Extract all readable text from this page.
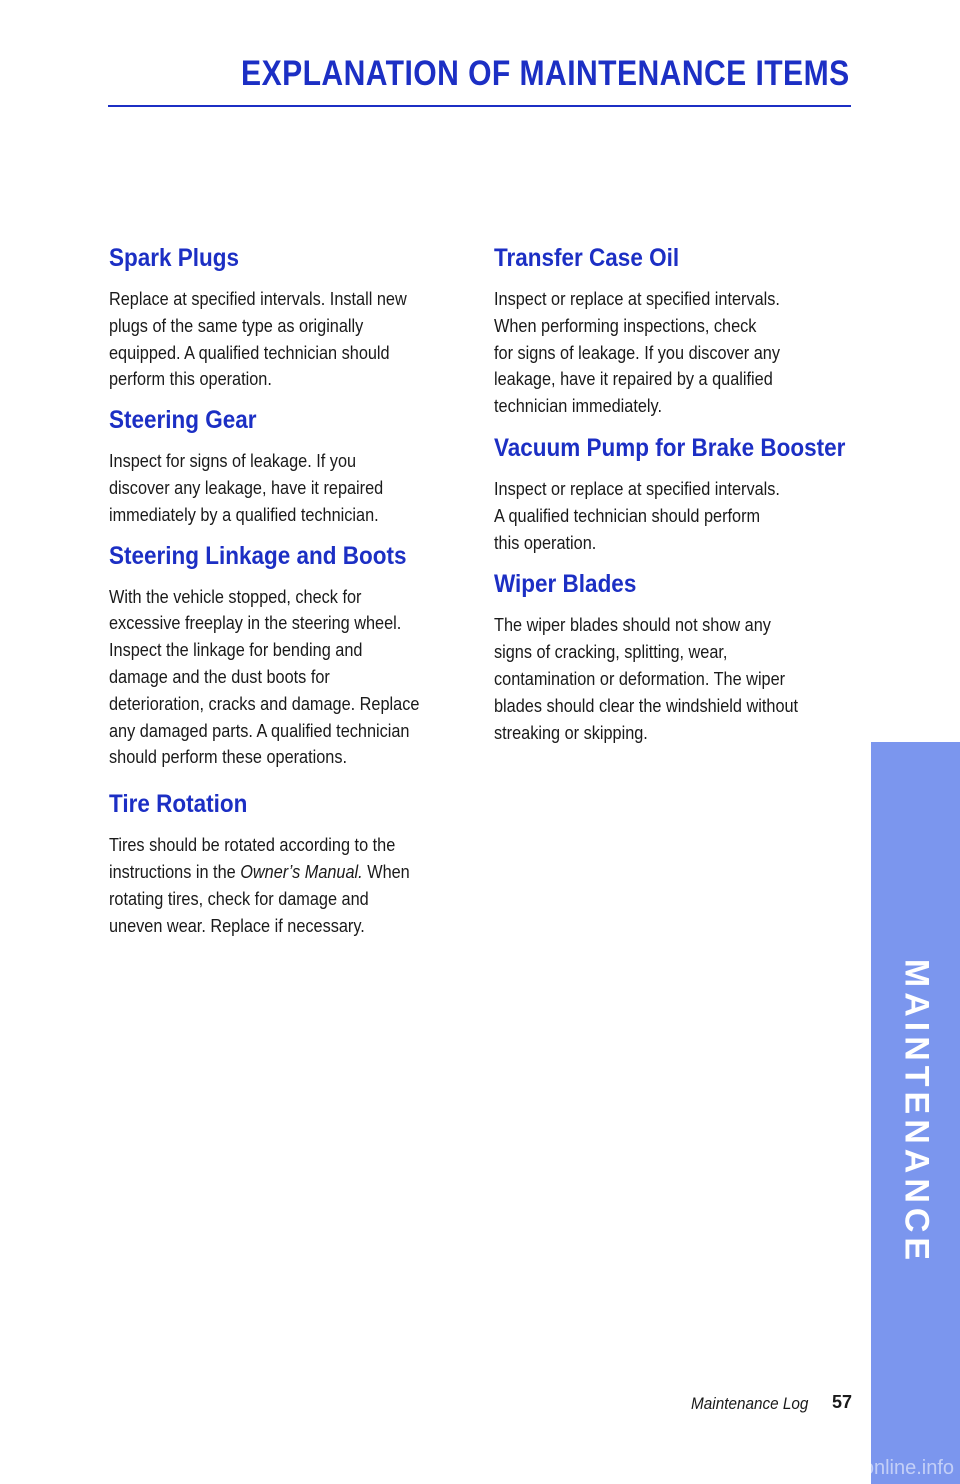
EXPLANATION OF MAINTENANCE ITEMS
Spark Plugs

Replace at specified intervals. Install new
plugs of the same type as originally
equipped. A qualified technician should
perform this operation.

Steering Gear

Inspect for signs of leakage. If you
discover any leakage, have it repaired
immediately by a qualified technician.

Steering Linkage and Boots

With the vehicle stopped, check for
excessive freeplay in the steering wheel.
Inspect the linkage for bending and
damage and the dust boots for
deterioration, cracks and damage. Replace
any damaged parts. A qualified technician
should perform these operations.

Tire Rotation

Tires should be rotated according to the
instructions in the Owner’s Manual. When
rotating tires, check for damage and
uneven wear. Replace if necessary.

Transfer Case Oil

Inspect or replace at specified intervals.
When performing inspections, check
for signs of leakage. If you discover any
leakage, have it repaired by a qualified
technician immediately.

Vacuum Pump for Brake Booster

Inspect or replace at specified intervals.
A qualified technician should perform
this operation.

Wiper Blades

The wiper blades should not show any
signs of cracking, splitting, wear,
contamination or deformation. The wiper
blades should clear the windshield without
streaking or skipping.

MAINTENANCE
Maintenance Log 57
carmanualsonline.info
